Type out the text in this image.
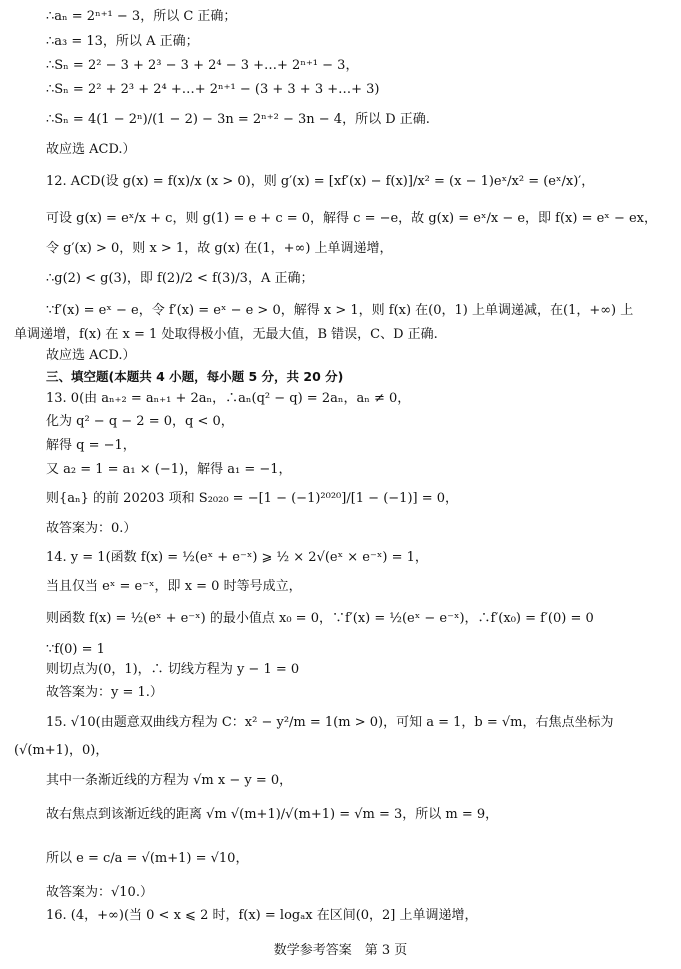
∴aₙ = 2ⁿ⁺¹ − 3，所以 C 正确；
∴a₃ = 13，所以 A 正确；
∴Sₙ = 2² − 3 + 2³ − 3 + 2⁴ − 3 +…+ 2ⁿ⁺¹ − 3，
∴Sₙ = 2² + 2³ + 2⁴ +…+ 2ⁿ⁺¹ − (3 + 3 + 3 +…+ 3)
∴Sₙ = 4(1 − 2ⁿ)/(1 − 2) − 3n = 2ⁿ⁺² − 3n − 4，所以 D 正确.
故应选 ACD.）
12. ACD(设 g(x) = f(x)/x (x > 0)，则 g′(x) = [xf′(x) − f(x)]/x² = (x − 1)eˣ/x² = (eˣ/x)′，
可设 g(x) = eˣ/x + c，则 g(1) = e + c = 0，解得 c = −e，故 g(x) = eˣ/x − e，即 f(x) = eˣ − ex，
令 g′(x) > 0，则 x > 1，故 g(x) 在(1，+∞) 上单调递增，
∴g(2) < g(3)，即 f(2)/2 < f(3)/3，A 正确；
∵f′(x) = eˣ − e，令 f′(x) = eˣ − e > 0，解得 x > 1，则 f(x) 在(0，1) 上单调递减，在(1，+∞) 上
单调递增，f(x) 在 x = 1 处取得极小值，无最大值，B 错误，C、D 正确.
故应选 ACD.）
三、填空题(本题共 4 小题，每小题 5 分，共 20 分)
13. 0(由 aₙ₊₂ = aₙ₊₁ + 2aₙ，∴aₙ(q² − q) = 2aₙ，aₙ ≠ 0，
化为 q² − q − 2 = 0，q < 0，
解得 q = −1，
又 a₂ = 1 = a₁ × (−1)，解得 a₁ = −1，
则{aₙ} 的前 20203 项和 S₂₀₂₀ = −[1 − (−1)²⁰²⁰]/[1 − (−1)] = 0，
故答案为：0.）
14. y = 1(函数 f(x) = ½(eˣ + e⁻ˣ) ⩾ ½ × 2√(eˣ × e⁻ˣ) = 1，
当且仅当 eˣ = e⁻ˣ，即 x = 0 时等号成立，
则函数 f(x) = ½(eˣ + e⁻ˣ) 的最小值点 x₀ = 0，∵f′(x) = ½(eˣ − e⁻ˣ)，∴f′(x₀) = f′(0) = 0
∵f(0) = 1
则切点为(0，1)，∴ 切线方程为 y − 1 = 0
故答案为：y = 1.）
15. √10(由题意双曲线方程为 C：x² − y²/m = 1(m > 0)，可知 a = 1，b = √m，右焦点坐标为
(√(m+1)，0)，
其中一条渐近线的方程为 √m x − y = 0，
故右焦点到该渐近线的距离 √m √(m+1)/√(m+1) = √m = 3，所以 m = 9，
所以 e = c/a = √(m+1) = √10，
故答案为：√10.）
16. (4，+∞)(当 0 < x ⩽ 2 时，f(x) = logₐx 在区间(0，2] 上单调递增，
数学参考答案　第 3 页
